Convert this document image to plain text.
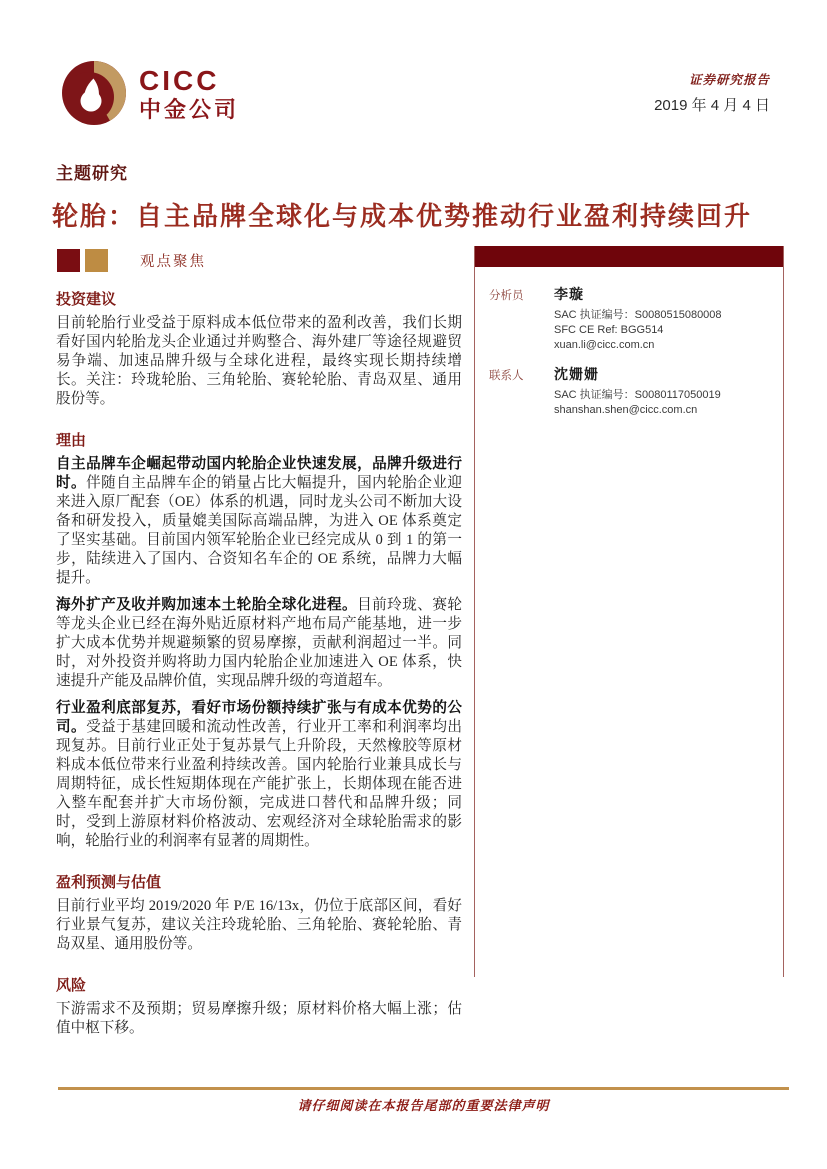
CICC
中金公司
证券研究报告
2019 年 4 月 4 日
主题研究
轮胎：自主品牌全球化与成本优势推动行业盈利持续回升
观点聚焦
投资建议

目前轮胎行业受益于原料成本低位带来的盈利改善，我们长期看好国内轮胎龙头企业通过并购整合、海外建厂等途径规避贸易争端、加速品牌升级与全球化进程，最终实现长期持续增长。关注：玲珑轮胎、三角轮胎、赛轮轮胎、青岛双星、通用股份等。

理由

自主品牌车企崛起带动国内轮胎企业快速发展，品牌升级进行时。伴随自主品牌车企的销量占比大幅提升，国内轮胎企业迎来进入原厂配套（OE）体系的机遇，同时龙头公司不断加大设备和研发投入，质量媲美国际高端品牌，为进入 OE 体系奠定了坚实基础。目前国内领军轮胎企业已经完成从 0 到 1 的第一步，陆续进入了国内、合资知名车企的 OE 系统，品牌力大幅提升。

海外扩产及收并购加速本土轮胎全球化进程。目前玲珑、赛轮等龙头企业已经在海外贴近原材料产地布局产能基地，进一步扩大成本优势并规避频繁的贸易摩擦，贡献利润超过一半。同时，对外投资并购将助力国内轮胎企业加速进入 OE 体系，快速提升产能及品牌价值，实现品牌升级的弯道超车。

行业盈利底部复苏，看好市场份额持续扩张与有成本优势的公司。受益于基建回暖和流动性改善，行业开工率和利润率均出现复苏。目前行业正处于复苏景气上升阶段，天然橡胶等原材料成本低位带来行业盈利持续改善。国内轮胎行业兼具成长与周期特征，成长性短期体现在产能扩张上，长期体现在能否进入整车配套并扩大市场份额，完成进口替代和品牌升级；同时，受到上游原材料价格波动、宏观经济对全球轮胎需求的影响，轮胎行业的利润率有显著的周期性。

盈利预测与估值

目前行业平均 2019/2020 年 P/E 16/13x，仍位于底部区间，看好行业景气复苏，建议关注玲珑轮胎、三角轮胎、赛轮轮胎、青岛双星、通用股份等。

风险

下游需求不及预期；贸易摩擦升级；原材料价格大幅上涨；估值中枢下移。

分析员	李璇
SAC 执证编号：S0080515080008
SFC CE Ref: BGG514
xuan.li@cicc.com.cn
联系人	沈姗姗
SAC 执证编号：S0080117050019
shanshan.shen@cicc.com.cn
请仔细阅读在本报告尾部的重要法律声明
